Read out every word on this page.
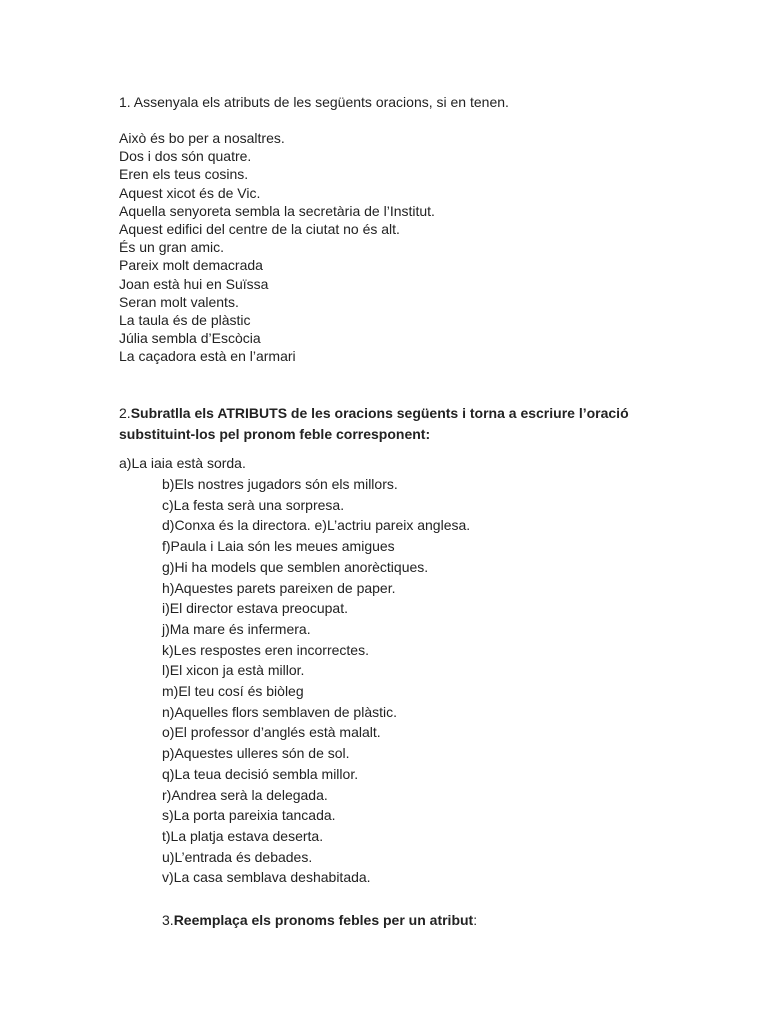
1. Assenyala els atributs de les següents oracions, si en tenen.
Això és bo per a nosaltres.
Dos i dos són quatre.
Eren els teus cosins.
Aquest xicot és de Vic.
Aquella senyoreta sembla la secretària de l’Institut.
Aquest edifici del centre de la ciutat no és alt.
És un gran amic.
Pareix molt demacrada
Joan està hui en Suïssa
Seran molt valents.
La taula és de plàstic
Júlia sembla d’Escòcia
La caçadora està en l’armari
2.Subratlla els ATRIBUTS de les oracions següents i torna a escriure l’oració substituint-los pel pronom feble corresponent:
a)La iaia està sorda.
b)Els nostres jugadors són els millors.
c)La festa serà una sorpresa.
d)Conxa és la directora. e)L’actriu pareix anglesa.
f)Paula i Laia són les meues amigues
g)Hi ha models que semblen anorèctiques.
h)Aquestes parets pareixen de paper.
i)El director estava preocupat.
j)Ma mare és infermera.
k)Les respostes eren incorrectes.
l)El xicon ja està millor.
m)El teu cosí és biòleg
n)Aquelles flors semblaven de plàstic.
o)El professor d’anglés està malalt.
p)Aquestes ulleres són de sol.
q)La teua decisió sembla millor.
r)Andrea serà la delegada.
s)La porta pareixia tancada.
t)La platja estava deserta.
u)L’entrada és debades.
v)La casa semblava deshabitada.
3.Reemplaça els pronoms febles per un atribut:
